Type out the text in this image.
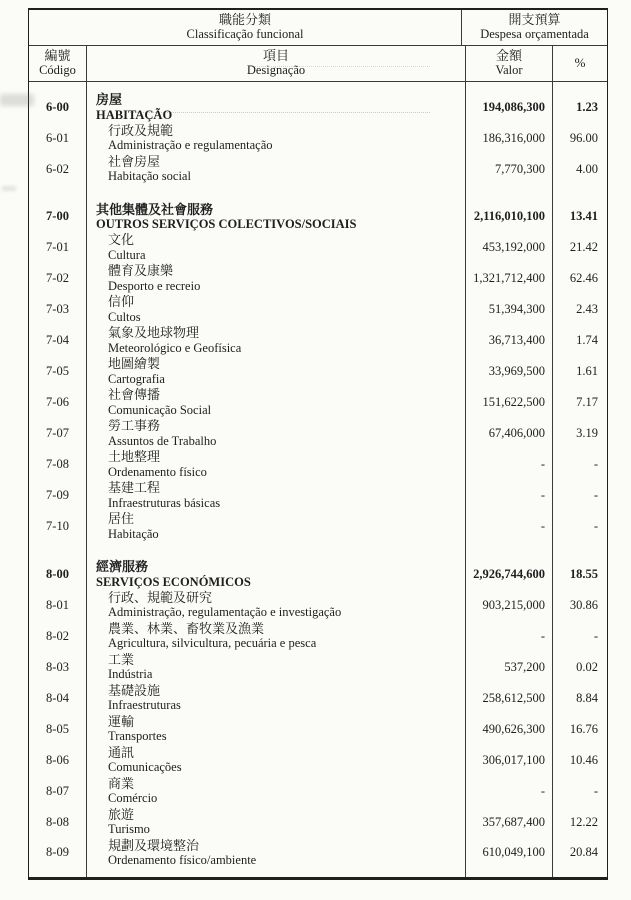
職能分類
Classificação funcional
開支預算
Despesa orçamentada
編號
Código
項目
Designação
金額
Valor	%
6-00	房屋
HABITAÇÃO
194,086,300	1.23
6-01	行政及規範
Administração e regulamentação
186,316,000	96.00
6-02	社會房屋
Habitação social
7,770,300	4.00
7-00	其他集體及社會服務
OUTROS SERVIÇOS COLECTIVOS/SOCIAIS
2,116,010,100	13.41
7-01	文化
Cultura
453,192,000	21.42
7-02	體育及康樂
Desporto e recreio
1,321,712,400	62.46
7-03	信仰
Cultos
51,394,300	2.43
7-04	氣象及地球物理
Meteorológico e Geofísica
36,713,400	1.74
7-05	地圖繪製
Cartografia
33,969,500	1.61
7-06	社會傳播
Comunicação Social
151,622,500	7.17
7-07	勞工事務
Assuntos de Trabalho
67,406,000	3.19
7-08	土地整理
Ordenamento físico
-	-
7-09	基建工程
Infraestruturas básicas
-	-
7-10	居住
Habitação
-	-
8-00	經濟服務
SERVIÇOS ECONÓMICOS
2,926,744,600	18.55
8-01	行政、規範及研究
Administração, regulamentação e investigação
903,215,000	30.86
8-02	農業、林業、畜牧業及漁業
Agricultura, silvicultura, pecuária e pesca
-	-
8-03	工業
Indústria
537,200	0.02
8-04	基礎設施
Infraestruturas
258,612,500	8.84
8-05	運輸
Transportes
490,626,300	16.76
8-06	通訊
Comunicações
306,017,100	10.46
8-07	商業
Comércio
-	-
8-08	旅遊
Turismo
357,687,400	12.22
8-09	規劃及環境整治
Ordenamento físico/ambiente
610,049,100	20.84
